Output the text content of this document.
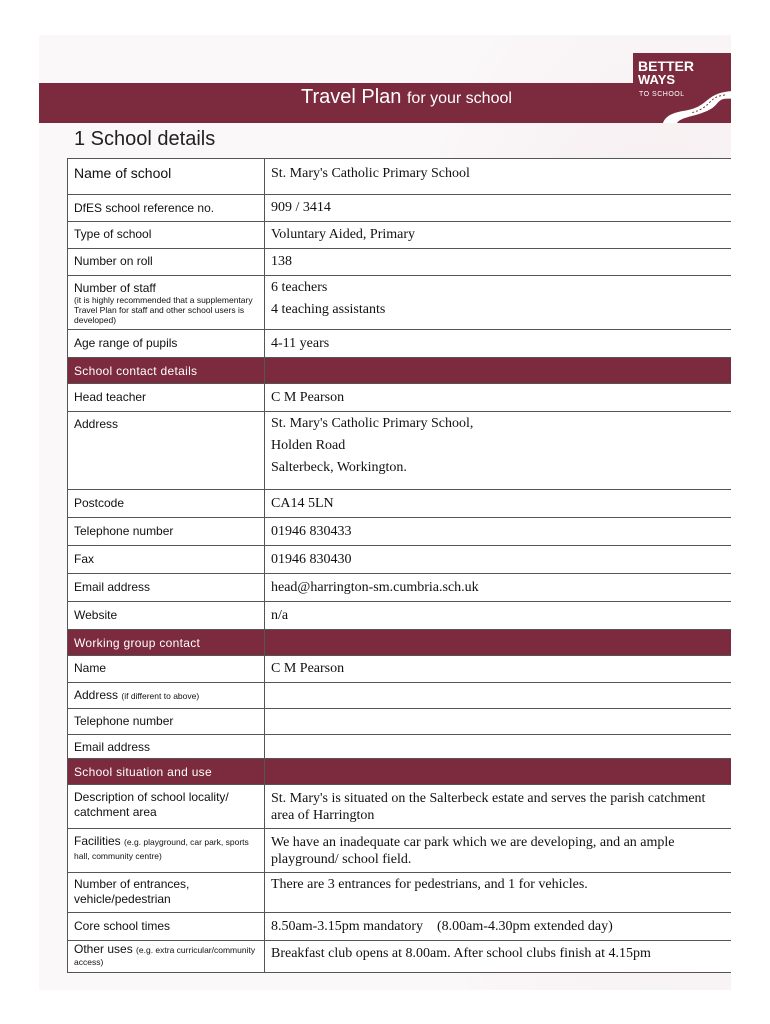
Travel Plan for your school
BETTER
WAYS
TO SCHOOL
1 School details
Name of school	St. Mary's Catholic Primary School
DfES school reference no.	909 / 3414
Type of school	Voluntary Aided, Primary
Number on roll	138
Number of staff
(it is highly recommended that a supplementary Travel Plan for staff and other school users is developed)	6 teachers
4 teaching assistants

Age range of pupils	4-11 years
School contact details	
Head teacher	C M Pearson
Address	St. Mary's Catholic Primary School,
Holden Road
Salterbeck, Workington.

Postcode	CA14 5LN
Telephone number	01946 830433
Fax	01946 830430
Email address	head@harrington-sm.cumbria.sch.uk
Website	n/a
Working group contact	
Name	C M Pearson
Address (if different to above)	
Telephone number	
Email address	
School situation and use	
Description of school locality/ catchment area	St. Mary's is situated on the Salterbeck estate and serves the parish catchment area of Harrington
Facilities (e.g. playground, car park, sports hall, community centre)	We have an inadequate car park which we are developing, and an ample playground/ school field.
Number of entrances, vehicle/pedestrian	There are 3 entrances for pedestrians, and 1 for vehicles.
Core school times	8.50am-3.15pm mandatory    (8.00am-4.30pm extended day)
Other uses (e.g. extra curricular/community access)	Breakfast club opens at 8.00am. After school clubs finish at 4.15pm
